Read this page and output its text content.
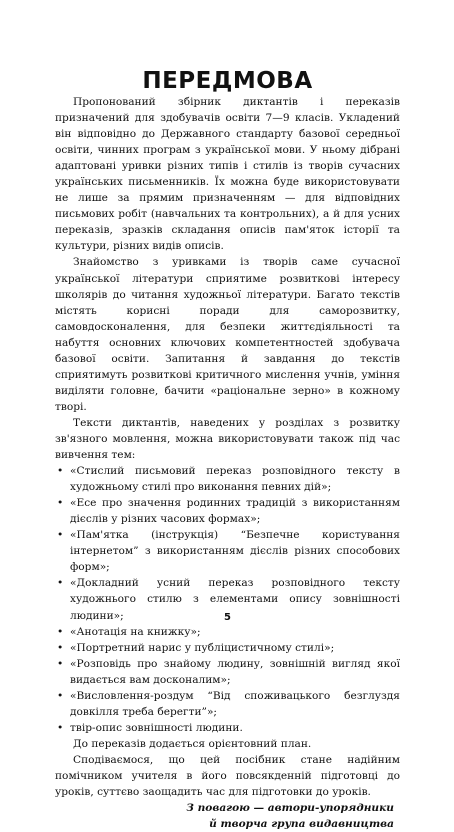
ПЕРЕДМОВА

Пропонований збірник диктантів і переказів призначений для здобувачів освіти 7—9 класів. Укладений він відповідно до Державного стандарту базової середньої освіти, чинних програм з української мови. У ньому дібрані адаптовані уривки різних типів і стилів із творів сучасних українських письменників. Їх можна буде використовувати не лише за прямим призначенням — для відповідних письмових робіт (навчальних та контрольних), а й для усних переказів, зразків складання описів пам'яток історії та культури, різних видів описів.

Знайомство з уривками із творів саме сучасної української літератури сприятиме розвиткові інтересу школярів до читання художньої літератури. Багато текстів містять корисні поради для саморозвитку, самовдосконалення, для безпеки життєдіяльності та набуття основних ключових компетентностей здобувача базової освіти. Запитання й завдання до текстів сприятимуть розвиткові критичного мислення учнів, уміння виділяти головне, бачити «раціональне зерно» в кожному творі.

Тексти диктантів, наведених у розділах з розвитку зв'язного мовлення, можна використовувати також під час вивчення тем:

• «Стислий письмовий переказ розповідного тексту в художньому стилі про виконання певних дій»;
• «Есе про значення родинних традицій з використанням дієслів у різних часових формах»;
• «Пам'ятка (інструкція) “Безпечне користування інтернетом” з використанням дієслів різних способових форм»;
• «Докладний усний переказ розповідного тексту художнього стилю з елементами опису зовнішності людини»;
• «Анотація на книжку»;
• «Портретний нарис у публіцистичному стилі»;
• «Розповідь про знайому людину, зовнішній вигляд якої видається вам досконалим»;
• «Висловлення-роздум “Від споживацького безглуздя довкілля треба берегти”»;
• твір-опис зовнішності людини.

До переказів додається орієнтовний план.

Сподіваємося, що цей посібник стане надійним помічником учителя в його повсякденній підготовці до уроків, суттєво заощадить час для підготовки до уроків.

З повагою — автори-упорядники

й творча група видавництва

5
